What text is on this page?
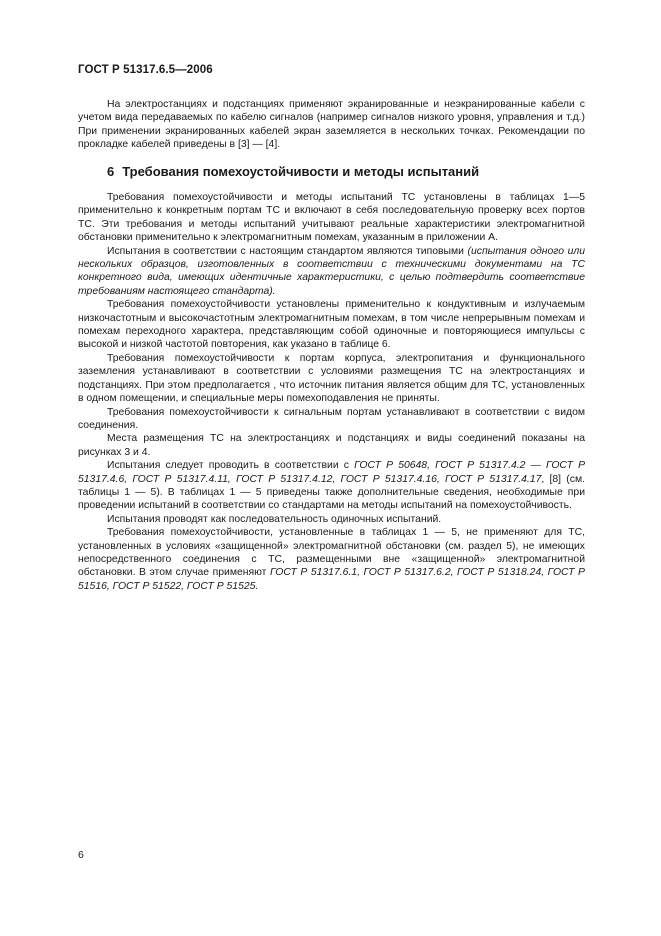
ГОСТ Р 51317.6.5—2006

На электростанциях и подстанциях применяют экранированные и неэкранированные кабели с учетом вида передаваемых по кабелю сигналов (например сигналов низкого уровня, управления и т.д.) При применении экранированных кабелей экран заземляется в нескольких точках. Рекомендации по прокладке кабелей приведены в [3] — [4].

6 Требования помехоустойчивости и методы испытаний

Требования помехоустойчивости и методы испытаний ТС установлены в таблицах 1—5 применительно к конкретным портам ТС и включают в себя последовательную проверку всех портов ТС. Эти требования и методы испытаний учитывают реальные характеристики электромагнитной обстановки применительно к электромагнитным помехам, указанным в приложении А.

Испытания в соответствии с настоящим стандартом являются типовыми (испытания одного или нескольких образцов, изготовленных в соответствии с техническими документами на ТС конкретного вида, имеющих идентичные характеристики, с целью подтвердить соответствие требованиям настоящего стандарта).

Требования помехоустойчивости установлены применительно к кондуктивным и излучаемым низкочастотным и высокочастотным электромагнитным помехам, в том числе непрерывным помехам и помехам переходного характера, представляющим собой одиночные и повторяющиеся импульсы с высокой и низкой частотой повторения, как указано в таблице 6.

Требования помехоустойчивости к портам корпуса, электропитания и функционального заземления устанавливают в соответствии с условиями размещения ТС на электростанциях и подстанциях. При этом предполагается , что источник питания является общим для ТС, установленных в одном помещении, и специальные меры помехоподавления не приняты.

Требования помехоустойчивости к сигнальным портам устанавливают в соответствии с видом соединения.

Места размещения ТС на электростанциях и подстанциях и виды соединений показаны на рисунках 3 и 4.

Испытания следует проводить в соответствии с ГОСТ Р 50648, ГОСТ Р 51317.4.2 — ГОСТ Р 51317.4.6, ГОСТ Р 51317.4.11, ГОСТ Р 51317.4.12, ГОСТ Р 51317.4.16, ГОСТ Р 51317.4.17, [8] (см. таблицы 1 — 5). В таблицах 1 — 5 приведены также дополнительные сведения, необходимые при проведении испытаний в соответствии со стандартами на методы испытаний на помехоустойчивость.

Испытания проводят как последовательность одиночных испытаний.

Требования помехоустойчивости, установленные в таблицах 1 — 5, не применяют для ТС, установленных в условиях «защищенной» электромагнитной обстановки (см. раздел 5), не имеющих непосредственного соединения с ТС, размещенными вне «защищенной» электромагнитной обстановки. В этом случае применяют ГОСТ Р 51317.6.1, ГОСТ Р 51317.6.2, ГОСТ Р 51318.24, ГОСТ Р 51516, ГОСТ Р 51522, ГОСТ Р 51525.

6
